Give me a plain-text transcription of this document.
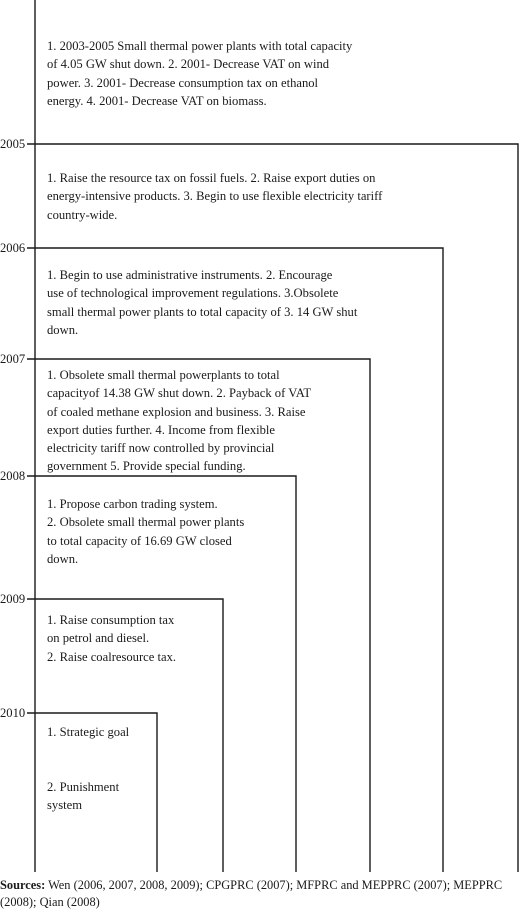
2005
2006
2007
2008
2009
2010
1. 2003-2005 Small thermal power plants with total capacity
of 4.05 GW shut down. 2. 2001- Decrease VAT on wind
power. 3. 2001- Decrease consumption tax on ethanol
energy. 4. 2001- Decrease VAT on biomass.
1. Raise the resource tax on fossil fuels. 2. Raise export duties on
energy-intensive products. 3. Begin to use flexible electricity tariff
country-wide.
1. Begin to use administrative instruments. 2. Encourage
use of technological improvement regulations. 3.Obsolete
small thermal power plants to total capacity of 3. 14 GW shut
down.
1. Obsolete small thermal powerplants to total
capacityof 14.38 GW shut down. 2. Payback of VAT
of coaled methane explosion and business. 3. Raise
export duties further. 4. Income from flexible
electricity tariff now controlled by provincial
government 5. Provide special funding.
1. Propose carbon trading system.
2. Obsolete small thermal power plants
to total capacity of 16.69 GW closed
down.
1. Raise consumption tax
on petrol and diesel.
2. Raise coalresource tax.
1. Strategic goal

2. Punishment
system
Sources: Wen (2006, 2007, 2008, 2009); CPGPRC (2007); MFPRC and MEPPRC (2007); MEPPRC (2008); Qian (2008)
